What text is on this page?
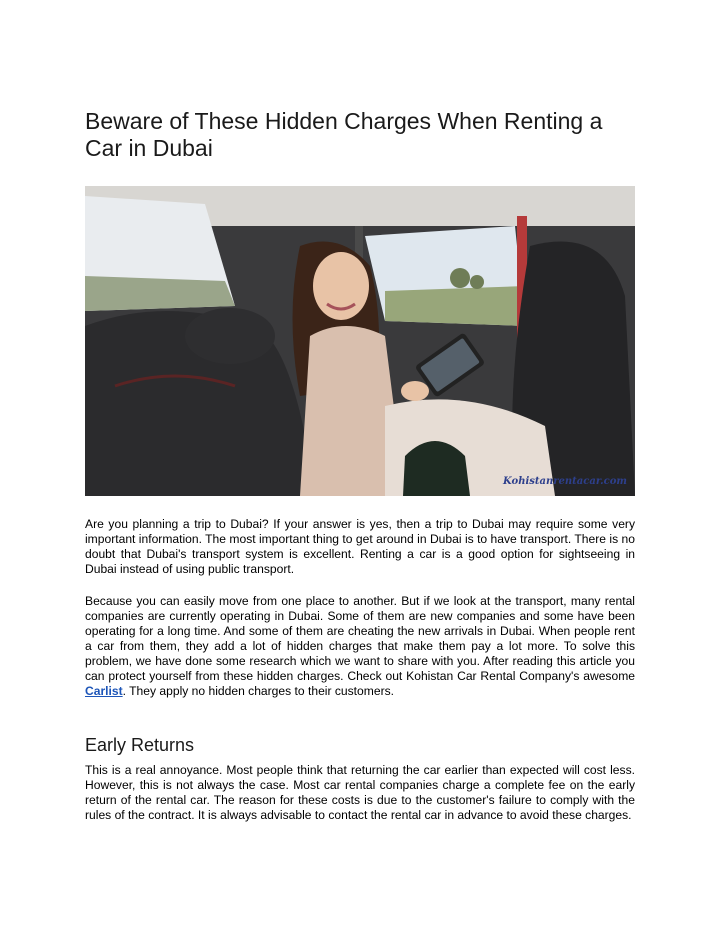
Beware of These Hidden Charges When Renting a Car in Dubai
Kohistanrentacar.com

Are you planning a trip to Dubai? If your answer is yes, then a trip to Dubai may require some very important information. The most important thing to get around in Dubai is to have transport. There is no doubt that Dubai's transport system is excellent. Renting a car is a good option for sightseeing in Dubai instead of using public transport.

Because you can easily move from one place to another. But if we look at the transport, many rental companies are currently operating in Dubai. Some of them are new companies and some have been operating for a long time. And some of them are cheating the new arrivals in Dubai. When people rent a car from them, they add a lot of hidden charges that make them pay a lot more. To solve this problem, we have done some research which we want to share with you. After reading this article you can protect yourself from these hidden charges. Check out Kohistan Car Rental Company's awesome Carlist. They apply no hidden charges to their customers.

Early Returns

This is a real annoyance. Most people think that returning the car earlier than expected will cost less. However, this is not always the case. Most car rental companies charge a complete fee on the early return of the rental car. The reason for these costs is due to the customer's failure to comply with the rules of the contract. It is always advisable to contact the rental car in advance to avoid these charges.
